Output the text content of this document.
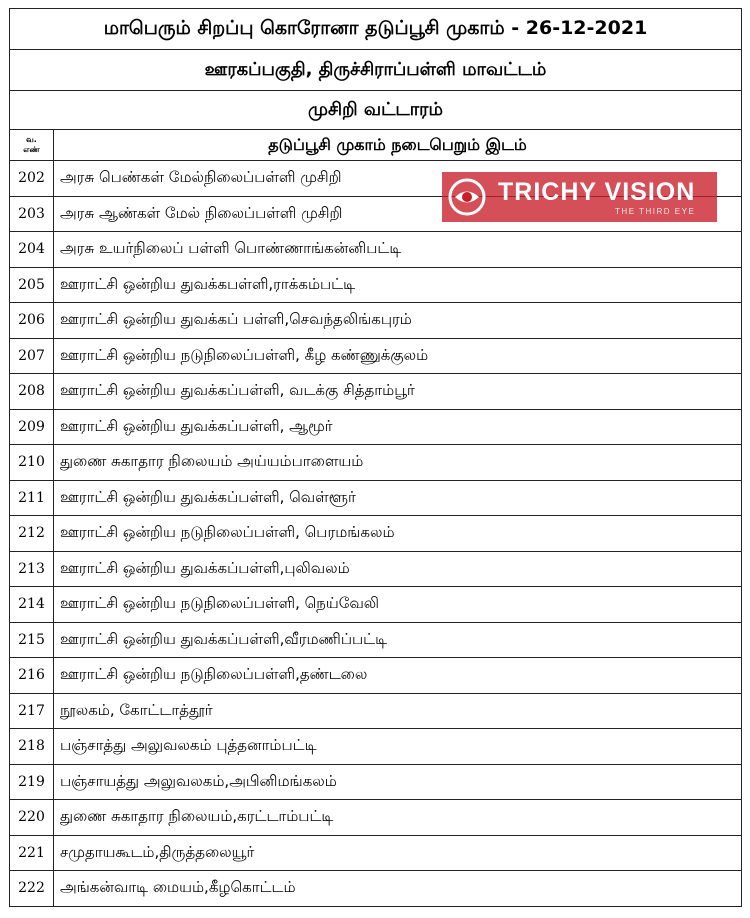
மாபெரும் சிறப்பு கொரோனா தடுப்பூசி முகாம் - 26-12-2021	
ஊரகப்பகுதி, திருச்சிராப்பள்ளி மாவட்டம்	
முசிறி வட்டாரம்	
வ.
எண்	தடுப்பூசி முகாம் நடைபெறும் இடம்
202	அரசு பெண்கள் மேல்நிலைப்பள்ளி முசிறி
203	அரசு ஆண்கள் மேல் நிலைப்பள்ளி முசிறி
204	அரசு உயர்நிலைப் பள்ளி பொண்ணாங்கன்னிபட்டி
205	ஊராட்சி ஒன்றிய துவக்கபள்ளி,ராக்கம்பட்டி
206	ஊராட்சி ஒன்றிய துவக்கப் பள்ளி,செவந்தலிங்கபுரம்
207	ஊராட்சி ஒன்றிய நடுநிலைப்பள்ளி, கீழ கண்ணுக்குலம்
208	ஊராட்சி ஒன்றிய துவக்கப்பள்ளி, வடக்கு சித்தாம்பூர்
209	ஊராட்சி ஒன்றிய துவக்கப்பள்ளி, ஆமூர்
210	துணை சுகாதார நிலையம் அய்யம்பாளையம்
211	ஊராட்சி ஒன்றிய துவக்கப்பள்ளி, வெள்ளூர்
212	ஊராட்சி ஒன்றிய நடுநிலைப்பள்ளி, பெரமங்கலம்
213	ஊராட்சி ஒன்றிய துவக்கப்பள்ளி,புலிவலம்
214	ஊராட்சி ஒன்றிய நடுநிலைப்பள்ளி, நெய்வேலி
215	ஊராட்சி ஒன்றிய துவக்கப்பள்ளி,வீரமணிப்பட்டி
216	ஊராட்சி ஒன்றிய நடுநிலைப்பள்ளி,தண்டலை
217	நூலகம், கோட்டாத்தூர்
218	பஞ்சாத்து அலுவலகம் புத்தனாம்பட்டி
219	பஞ்சாயத்து அலுவலகம்,அபினிமங்கலம்
220	துணை சுகாதார நிலையம்,கரட்டாம்பட்டி
221	சமுதாயகூடம்,திருத்தலையூர்
222	அங்கன்வாடி மையம்,கீழகொட்டம்
TRICHY VISION
THE THIRD EYE
